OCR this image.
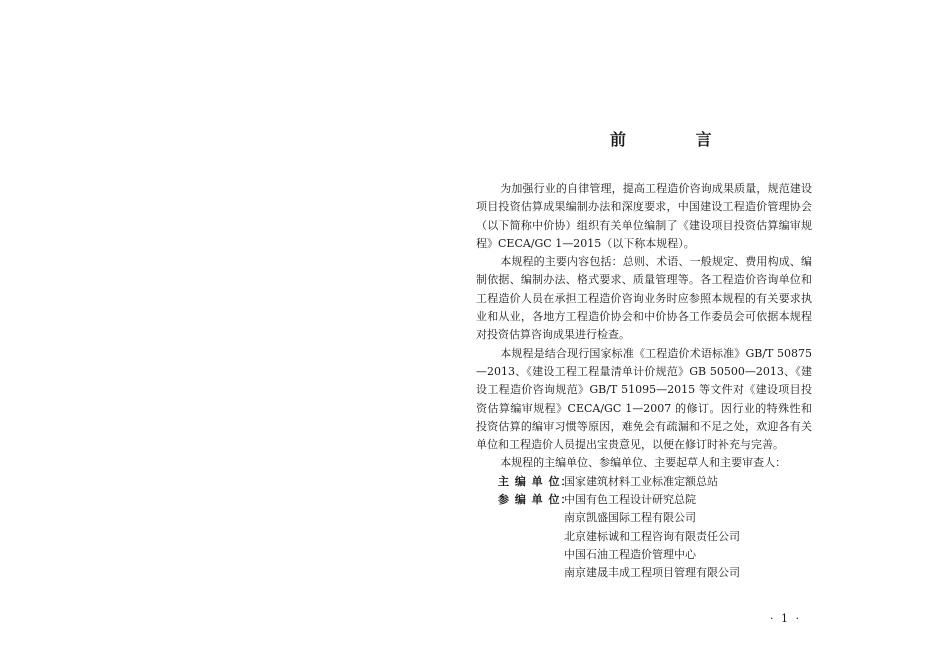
前 言

为加强行业的自律管理，提高工程造价咨询成果质量，规范建设项目投资估算成果编制办法和深度要求，中国建设工程造价管理协会（以下简称中价协）组织有关单位编制了《建设项目投资估算编审规程》CECA/GC 1—2015（以下称本规程）。

本规程的主要内容包括：总则、术语、一般规定、费用构成、编制依据、编制办法、格式要求、质量管理等。各工程造价咨询单位和工程造价人员在承担工程造价咨询业务时应参照本规程的有关要求执业和从业，各地方工程造价协会和中价协各工作委员会可依据本规程对投资估算咨询成果进行检查。

本规程是结合现行国家标准《工程造价术语标准》GB/T 50875—2013、《建设工程工程量清单计价规范》GB 50500—2013、《建设工程造价咨询规范》GB/T 51095—2015 等文件对《建设项目投资估算编审规程》CECA/GC 1—2007 的修订。因行业的特殊性和投资估算的编审习惯等原因，难免会有疏漏和不足之处，欢迎各有关单位和工程造价人员提出宝贵意见，以便在修订时补充与完善。

本规程的主编单位、参编单位、主要起草人和主要审查人：

主 编 单 位：
国家建筑材料工业标准定额总站
参 编 单 位：
中国有色工程设计研究总院
南京凯盛国际工程有限公司
北京建标诚和工程咨询有限责任公司
中国石油工程造价管理中心
南京建晟丰成工程项目管理有限公司
· 1 ·
